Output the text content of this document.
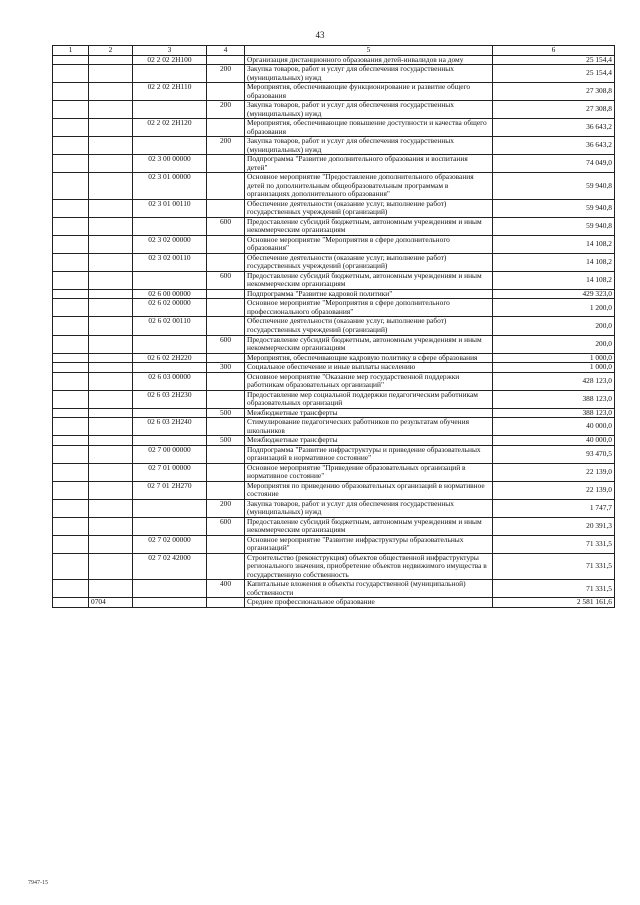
43
1	2	3	4	5	6
		02 2 02 2Н100		Организация дистанционного образования детей-инвалидов на дому	25 154,4
			200	Закупка товаров, работ и услуг для обеспечения государственных (муниципальных) нужд	25 154,4
		02 2 02 2Н110		Мероприятия, обеспечивающие функционирование и развитие общего образования	27 308,8
			200	Закупка товаров, работ и услуг для обеспечения государственных (муниципальных) нужд	27 308,8
		02 2 02 2Н120		Мероприятия, обеспечивающие повышение доступности и качества общего образования	36 643,2
			200	Закупка товаров, работ и услуг для обеспечения государственных (муниципальных) нужд	36 643,2
		02 3 00 00000		Подпрограмма "Развитие дополнительного образования и воспитания детей"	74 049,0
		02 3 01 00000		Основное мероприятие "Предоставление дополнительного образования детей по дополнительным общеобразовательным программам в организациях дополнительного образования"	59 940,8
		02 3 01 00110		Обеспечение деятельности (оказание услуг, выполнение работ) государственных учреждений (организаций)	59 940,8
			600	Предоставление субсидий бюджетным, автономным учреждениям и иным некоммерческим организациям	59 940,8
		02 3 02 00000		Основное мероприятие "Мероприятия в сфере дополнительного образования"	14 108,2
		02 3 02 00110		Обеспечение деятельности (оказание услуг, выполнение работ) государственных учреждений (организаций)	14 108,2
			600	Предоставление субсидий бюджетным, автономным учреждениям и иным некоммерческим организациям	14 108,2
		02 6 00 00000		Подпрограмма "Развитие кадровой политики"	429 323,0
		02 6 02 00000		Основное мероприятие "Мероприятия в сфере дополнительного профессионального образования"	1 200,0
		02 6 02 00110		Обеспечение деятельности (оказание услуг, выполнение работ) государственных учреждений (организаций)	200,0
			600	Предоставление субсидий бюджетным, автономным учреждениям и иным некоммерческим организациям	200,0
		02 6 02 2Н220		Мероприятия, обеспечивающие кадровую политику в сфере образования	1 000,0
			300	Социальное обеспечение и иные выплаты населению	1 000,0
		02 6 03 00000		Основное мероприятие "Оказание мер государственной поддержки работникам образовательных организаций"	428 123,0
		02 6 03 2Н230		Предоставление мер социальной поддержки педагогическим работникам образовательных организаций	388 123,0
			500	Межбюджетные трансферты	388 123,0
		02 6 03 2Н240		Стимулирование педагогических работников по результатам обучения школьников	40 000,0
			500	Межбюджетные трансферты	40 000,0
		02 7 00 00000		Подпрограмма "Развитие инфраструктуры и приведение образовательных организаций в нормативное состояние"	93 470,5
		02 7 01 00000		Основное мероприятие "Приведение образовательных организаций в нормативное состояние"	22 139,0
		02 7 01 2Н270		Мероприятия по приведению образовательных организаций в нормативное состояние	22 139,0
			200	Закупка товаров, работ и услуг для обеспечения государственных (муниципальных) нужд	1 747,7
			600	Предоставление субсидий бюджетным, автономным учреждениям и иным некоммерческим организациям	20 391,3
		02 7 02 00000		Основное мероприятие "Развитие инфраструктуры образовательных организаций"	71 331,5
		02 7 02 42000		Строительство (реконструкция) объектов общественной инфраструктуры регионального значения, приобретение объектов недвижимого имущества в государственную собственность	71 331,5
			400	Капитальные вложения в объекты государственной (муниципальной) собственности	71 331,5
	0704			Среднее профессиональное образование	2 581 161,6
7947-15
